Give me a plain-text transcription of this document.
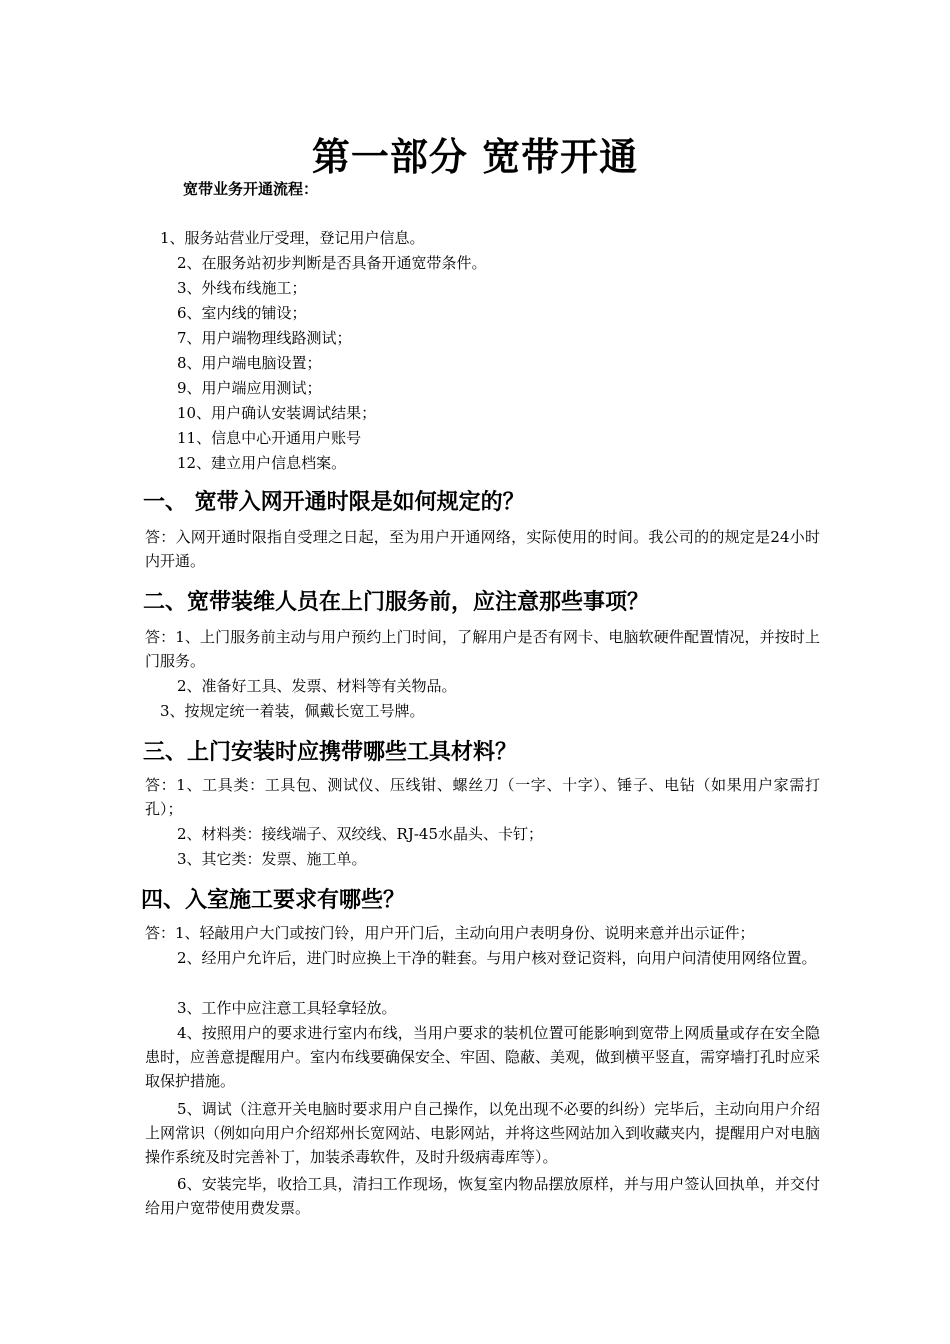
第一部分 宽带开通
宽带业务开通流程：
1、服务站营业厅受理，登记用户信息。
2、在服务站初步判断是否具备开通宽带条件。
3、外线布线施工；
6、室内线的铺设；
7、用户端物理线路测试；
8、用户端电脑设置；
9、用户端应用测试；
10、用户确认安装调试结果；
11、信息中心开通用户账号
12、建立用户信息档案。
一、 宽带入网开通时限是如何规定的？

答：入网开通时限指自受理之日起，至为用户开通网络，实际使用的时间。我公司的的规定是24小时内开通。

二、宽带装维人员在上门服务前，应注意那些事项？

答：1、上门服务前主动与用户预约上门时间，了解用户是否有网卡、电脑软硬件配置情况，并按时上门服务。

2、准备好工具、发票、材料等有关物品。
3、按规定统一着装，佩戴长宽工号牌。
三、上门安装时应携带哪些工具材料？

答：1、工具类：工具包、测试仪、压线钳、螺丝刀（一字、十字）、锤子、电钻（如果用户家需打孔）；

2、材料类：接线端子、双绞线、RJ-45水晶头、卡钉；
3、其它类：发票、施工单。
四、入室施工要求有哪些？

答：1、轻敲用户大门或按门铃，用户开门后，主动向用户表明身份、说明来意并出示证件；

2、经用户允许后，进门时应换上干净的鞋套。与用户核对登记资料，向用户问清使用网络位置。

3、工作中应注意工具轻拿轻放。

4、按照用户的要求进行室内布线，当用户要求的装机位置可能影响到宽带上网质量或存在安全隐患时，应善意提醒用户。室内布线要确保安全、牢固、隐蔽、美观，做到横平竖直，需穿墙打孔时应采取保护措施。

5、调试（注意开关电脑时要求用户自己操作，以免出现不必要的纠纷）完毕后，主动向用户介绍上网常识（例如向用户介绍郑州长宽网站、电影网站，并将这些网站加入到收藏夹内，提醒用户对电脑操作系统及时完善补丁，加装杀毒软件，及时升级病毒库等）。

6、安装完毕，收拾工具，清扫工作现场，恢复室内物品摆放原样，并与用户签认回执单，并交付给用户宽带使用费发票。
